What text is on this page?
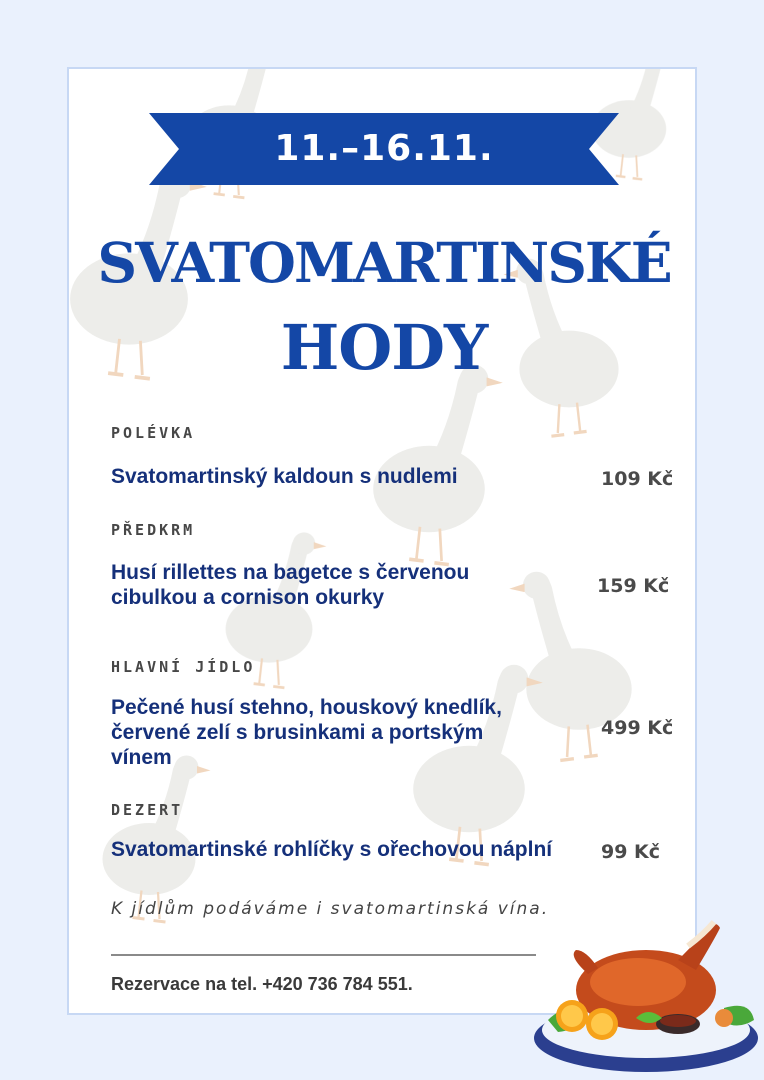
11.–16.11.
SVATOMARTINSKÉ
HODY
POLÉVKA
Svatomartinský kaldoun s nudlemi	109 Kč
PŘEDKRM
Husí rillettes na bagetce s červenou cibulkou a cornison okurky	159 Kč
HLAVNÍ JÍDLO
Pečené husí stehno, houskový knedlík, červené zelí s brusinkami a portským vínem
499 Kč
DEZERT
Svatomartinské rohlíčky s ořechovou náplní	99 Kč
K jídlům podáváme i svatomartinská vína.
Rezervace na tel. +420 736 784 551.
